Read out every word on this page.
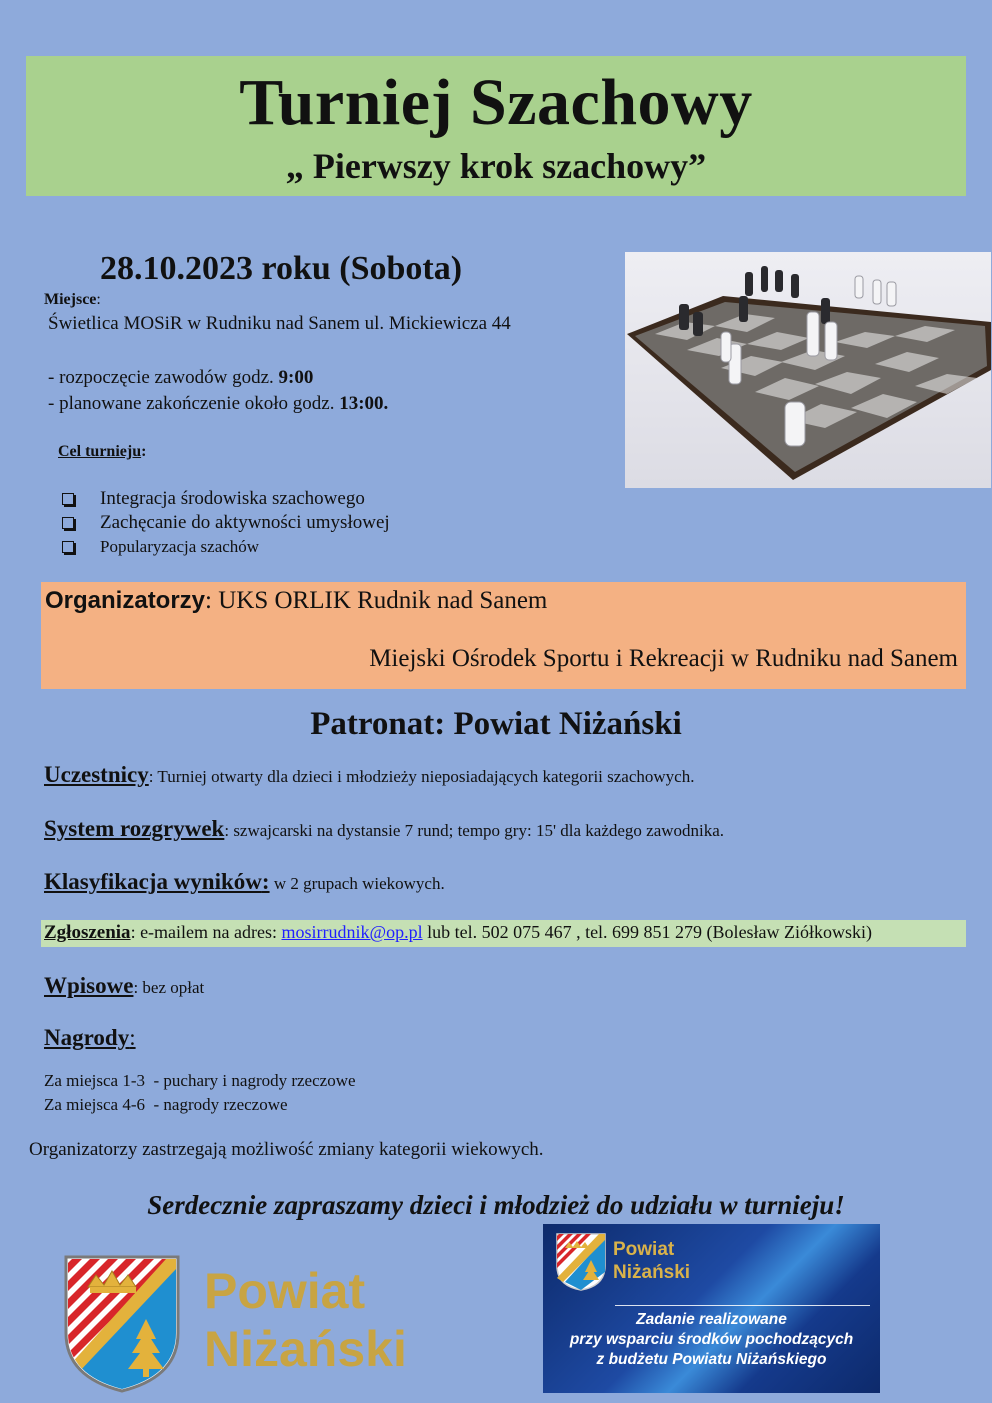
Turniej Szachowy
„ Pierwszy krok szachowy”
28.10.2023 roku (Sobota)
Miejsce:
Świetlica MOSiR w Rudniku nad Sanem ul. Mickiewicza 44
- rozpoczęcie zawodów godz. 9:00
- planowane zakończenie około godz. 13:00.
Cel turnieju:
Integracja środowiska szachowego
Zachęcanie do aktywności umysłowej
Popularyzacja szachów
Organizatorzy: UKS ORLIK Rudnik nad Sanem
Miejski Ośrodek Sportu i Rekreacji w Rudniku nad Sanem
Patronat: Powiat Niżański
Uczestnicy: Turniej otwarty dla dzieci i młodzieży nieposiadających kategorii szachowych.
System rozgrywek: szwajcarski na dystansie 7 rund; tempo gry: 15' dla każdego zawodnika.
Klasyfikacja wyników: w 2 grupach wiekowych.
Zgłoszenia: e-mailem na adres: mosirrudnik@op.pl lub tel. 502 075 467 , tel. 699 851 279 (Bolesław Ziółkowski)
Wpisowe: bez opłat
Nagrody:
Za miejsca 1-3  - puchary i nagrody rzeczowe
Za miejsca 4-6  - nagrody rzeczowe
Organizatorzy zastrzegają możliwość zmiany kategorii wiekowych.
Serdecznie zapraszamy dzieci i młodzież do udziału w turnieju!
Powiat
Niżański
Powiat
Niżański
Zadanie realizowane
przy wsparciu środków pochodzących
z budżetu Powiatu Niżańskiego
